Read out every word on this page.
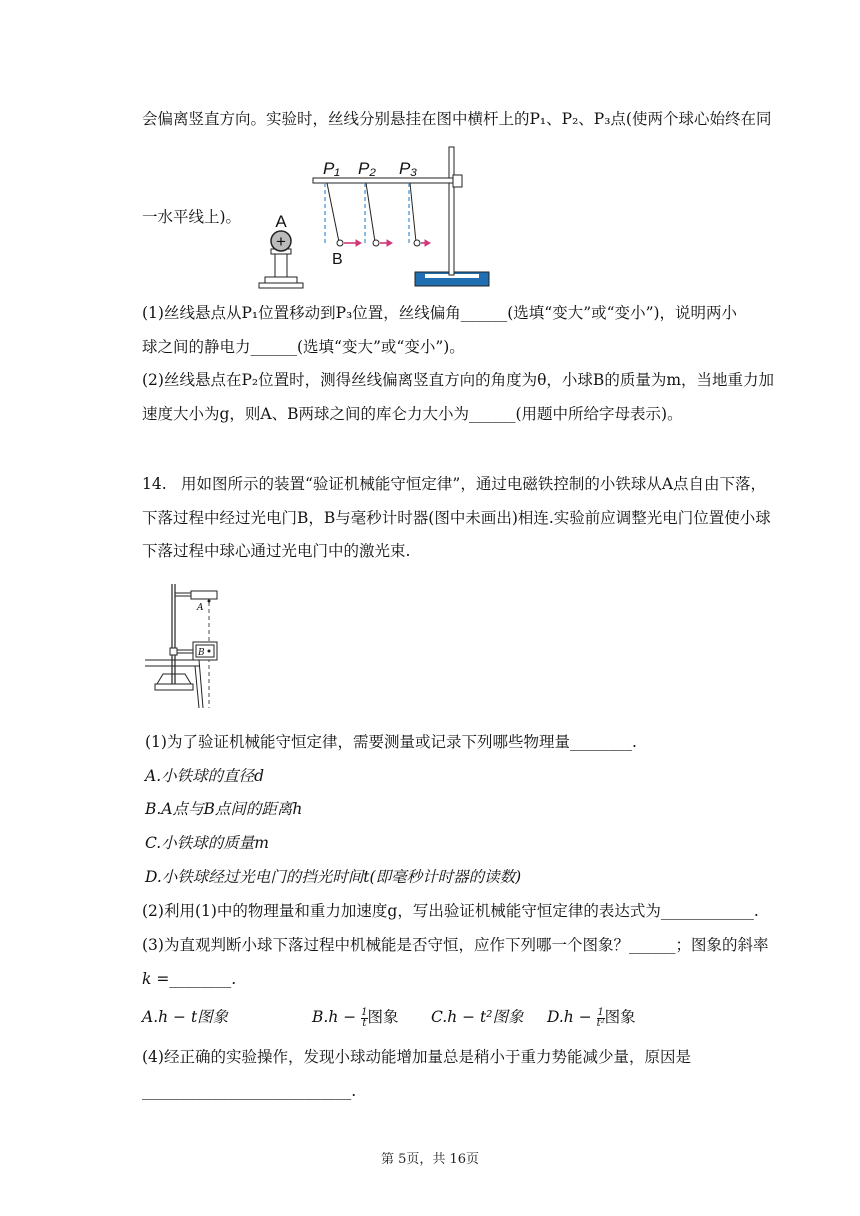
会偏离竖直方向。实验时，丝线分别悬挂在图中横杆上的P₁、P₂、P₃点(使两个球心始终在同
+
A
P₁ P₂ P₃
B
一水平线上)。
(1)丝线悬点从P₁位置移动到P₃位置，丝线偏角______(选填“变大”或“变小”)，说明两小
球之间的静电力______(选填“变大”或“变小”)。
(2)丝线悬点在P₂位置时，测得丝线偏离竖直方向的角度为θ，小球B的质量为m，当地重力加
速度大小为g，则A、B两球之间的库仑力大小为______(用题中所给字母表示)。
14. 用如图所示的装置“验证机械能守恒定律”，通过电磁铁控制的小铁球从A点自由下落，
下落过程中经过光电门B，B与毫秒计时器(图中未画出)相连.实验前应调整光电门位置使小球
下落过程中球心通过光电门中的激光束.
A
B
(1)为了验证机械能守恒定律，需要测量或记录下列哪些物理量________.
A.小铁球的直径d
B.A点与B点间的距离h
C.小铁球的质量m
D.小铁球经过光电门的挡光时间t(即毫秒计时器的读数)
(2)利用(1)中的物理量和重力加速度g，写出验证机械能守恒定律的表达式为____________.
(3)为直观判断小球下落过程中机械能是否守恒，应作下列哪一个图象？______；图象的斜率
k =________.
A.h − t图象	$B.h - \frac{1}{t}$ 图象 C.h − t²图象 $D.h - \frac{1}{\text{t²}}$ 图象
(4)经正确的实验操作，发现小球动能增加量总是稍小于重力势能减少量，原因是
___________________________.
第 5页，共 16页
